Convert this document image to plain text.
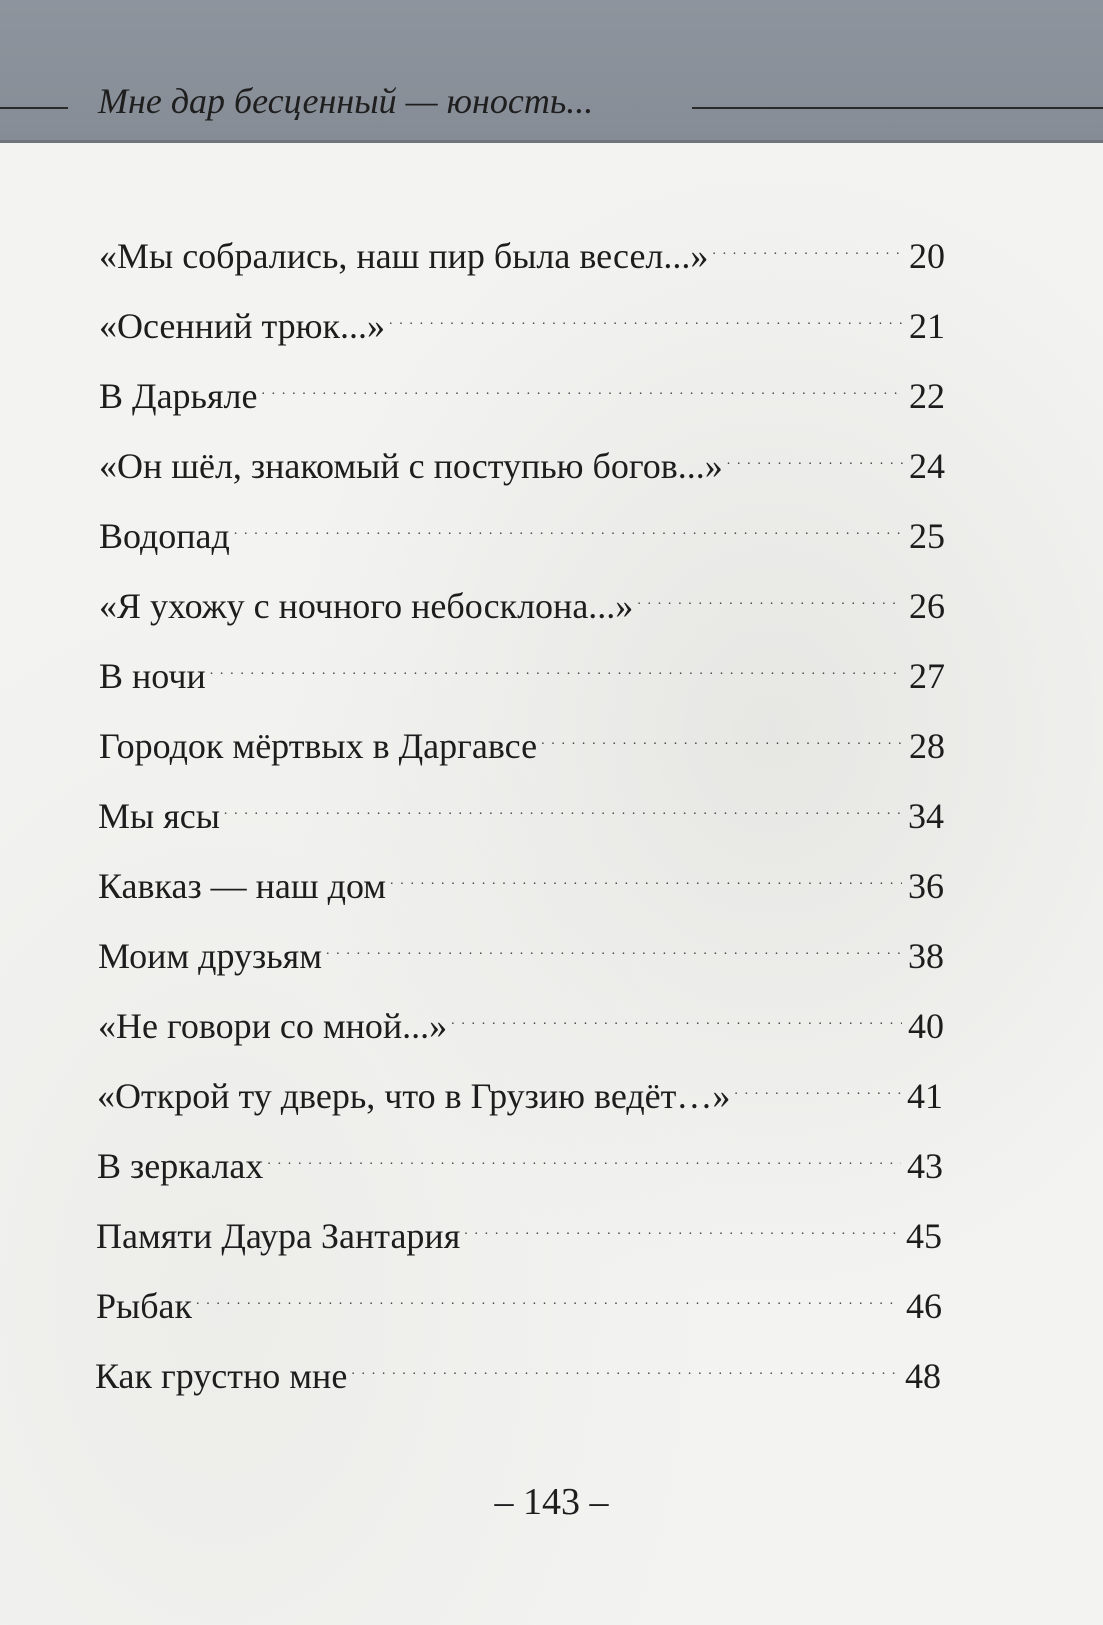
Мне дар бесценный — юность...
«Мы собрались, наш пир была весел...» . . .	20
«Осенний трюк...» . . .	21
В Дарьяле . . .	22
«Он шёл, знакомый с поступью богов...» . . .	24
Водопад . . .	25
«Я ухожу с ночного небосклона...» . . .	26
В ночи . . .	27
Городок мёртвых в Даргавсе . . .	28
Мы ясы . . .	34
Кавказ — наш дом . . .	36
Моим друзьям . . .	38
«Не говори со мной...» . . .	40
«Открой ту дверь, что в Грузию ведёт…» . . .	41
В зеркалах . . .	43
Памяти Даура Зантария . . .	45
Рыбак . . .	46
Как грустно мне . . .	48
– 143 –
